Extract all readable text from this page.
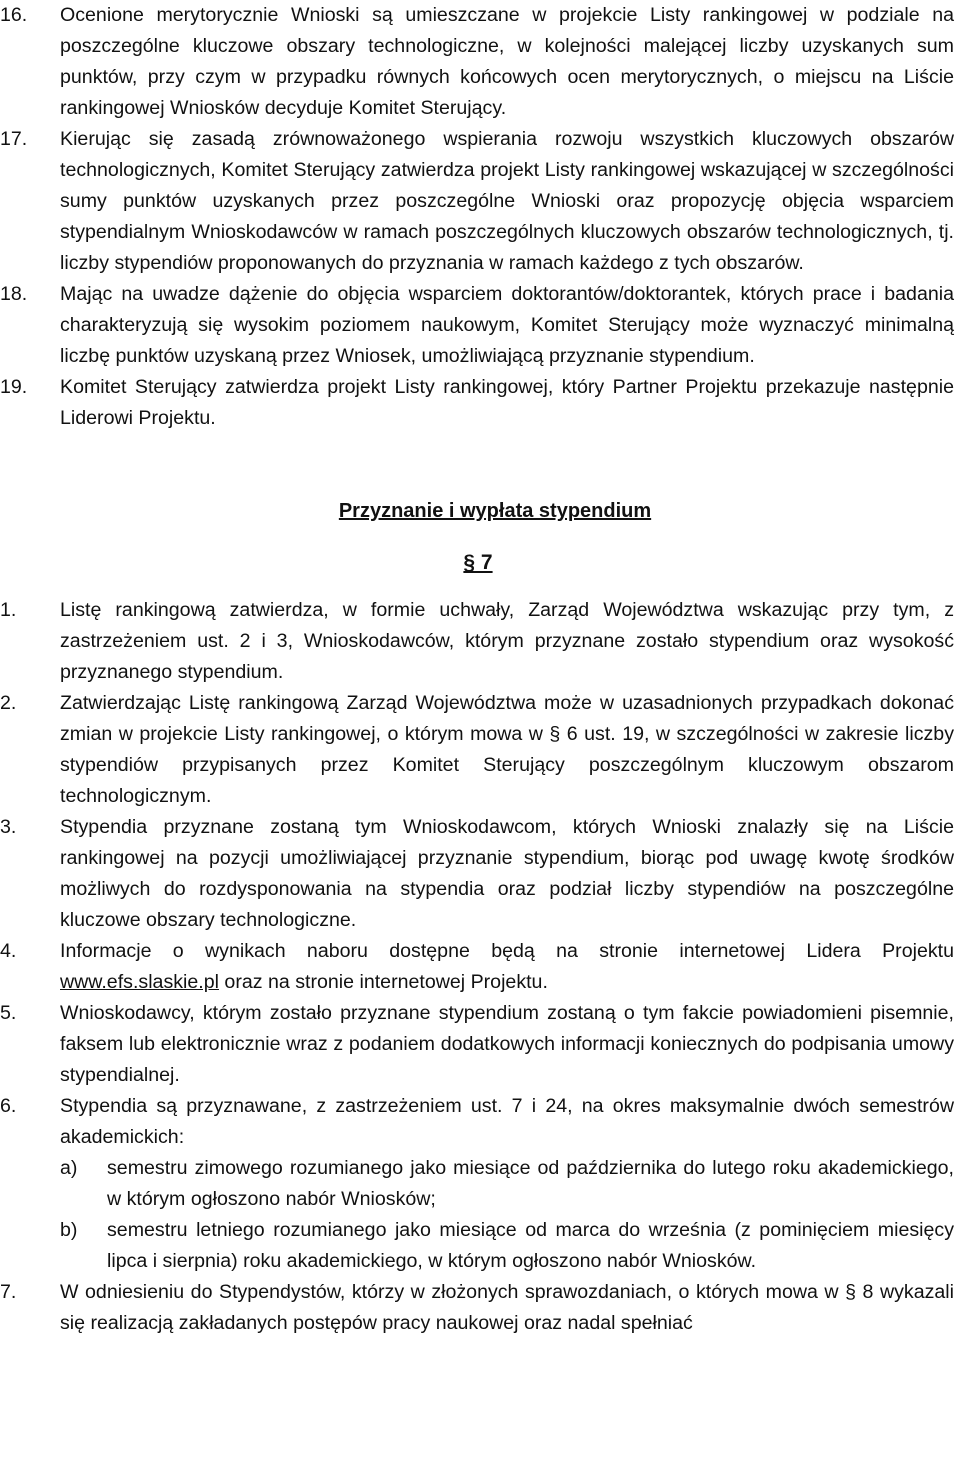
16.	Ocenione merytorycznie Wnioski są umieszczane w projekcie Listy rankingowej w podziale na poszczególne kluczowe obszary technologiczne, w kolejności malejącej liczby uzyskanych sum punktów, przy czym w przypadku równych końcowych ocen merytorycznych, o miejscu na Liście rankingowej Wniosków decyduje Komitet Sterujący.
17.	Kierując się zasadą zrównoważonego wspierania rozwoju wszystkich kluczowych obszarów technologicznych, Komitet Sterujący zatwierdza projekt Listy rankingowej wskazującej w szczególności sumy punktów uzyskanych przez poszczególne Wnioski oraz propozycję objęcia wsparciem stypendialnym Wnioskodawców w ramach poszczególnych kluczowych obszarów technologicznych, tj. liczby stypendiów proponowanych do przyznania w ramach każdego z tych obszarów.
18.	Mając na uwadze dążenie do objęcia wsparciem doktorantów/doktorantek, których prace i badania charakteryzują się wysokim poziomem naukowym, Komitet Sterujący może wyznaczyć minimalną liczbę punktów uzyskaną przez Wniosek, umożliwiającą przyznanie stypendium.
19.	Komitet Sterujący zatwierdza projekt Listy rankingowej, który Partner Projektu przekazuje następnie Liderowi Projektu.
Przyznanie i wypłata stypendium
§ 7
1.	Listę rankingową zatwierdza, w formie uchwały, Zarząd Województwa wskazując przy tym, z zastrzeżeniem ust. 2 i 3, Wnioskodawców, którym przyznane zostało stypendium oraz wysokość przyznanego stypendium.
2.	Zatwierdzając Listę rankingową Zarząd Województwa może w uzasadnionych przypadkach dokonać zmian w projekcie Listy rankingowej, o którym mowa w § 6 ust. 19, w szczególności w zakresie liczby stypendiów przypisanych przez Komitet Sterujący poszczególnym kluczowym obszarom technologicznym.
3.	Stypendia przyznane zostaną tym Wnioskodawcom, których Wnioski znalazły się na Liście rankingowej na pozycji umożliwiającej przyznanie stypendium, biorąc pod uwagę kwotę środków możliwych do rozdysponowania na stypendia oraz podział liczby stypendiów na poszczególne kluczowe obszary technologiczne.
4.	Informacje o wynikach naboru dostępne będą na stronie internetowej Lidera Projektu www.efs.slaskie.pl oraz na stronie internetowej Projektu.
5.	Wnioskodawcy, którym zostało przyznane stypendium zostaną o tym fakcie powiadomieni pisemnie, faksem lub elektronicznie wraz z podaniem dodatkowych informacji koniecznych do podpisania umowy stypendialnej.
6.	Stypendia są przyznawane, z zastrzeżeniem ust. 7 i 24, na okres maksymalnie dwóch semestrów akademickich:
a) semestru zimowego rozumianego jako miesiące od października do lutego roku akademickiego, w którym ogłoszono nabór Wniosków;
b) semestru letniego rozumianego jako miesiące od marca do września (z pominięciem miesięcy lipca i sierpnia) roku akademickiego, w którym ogłoszono nabór Wniosków.
7.	W odniesieniu do Stypendystów, którzy w złożonych sprawozdaniach, o których mowa w § 8 wykazali się realizacją zakładanych postępów pracy naukowej oraz nadal spełniać
